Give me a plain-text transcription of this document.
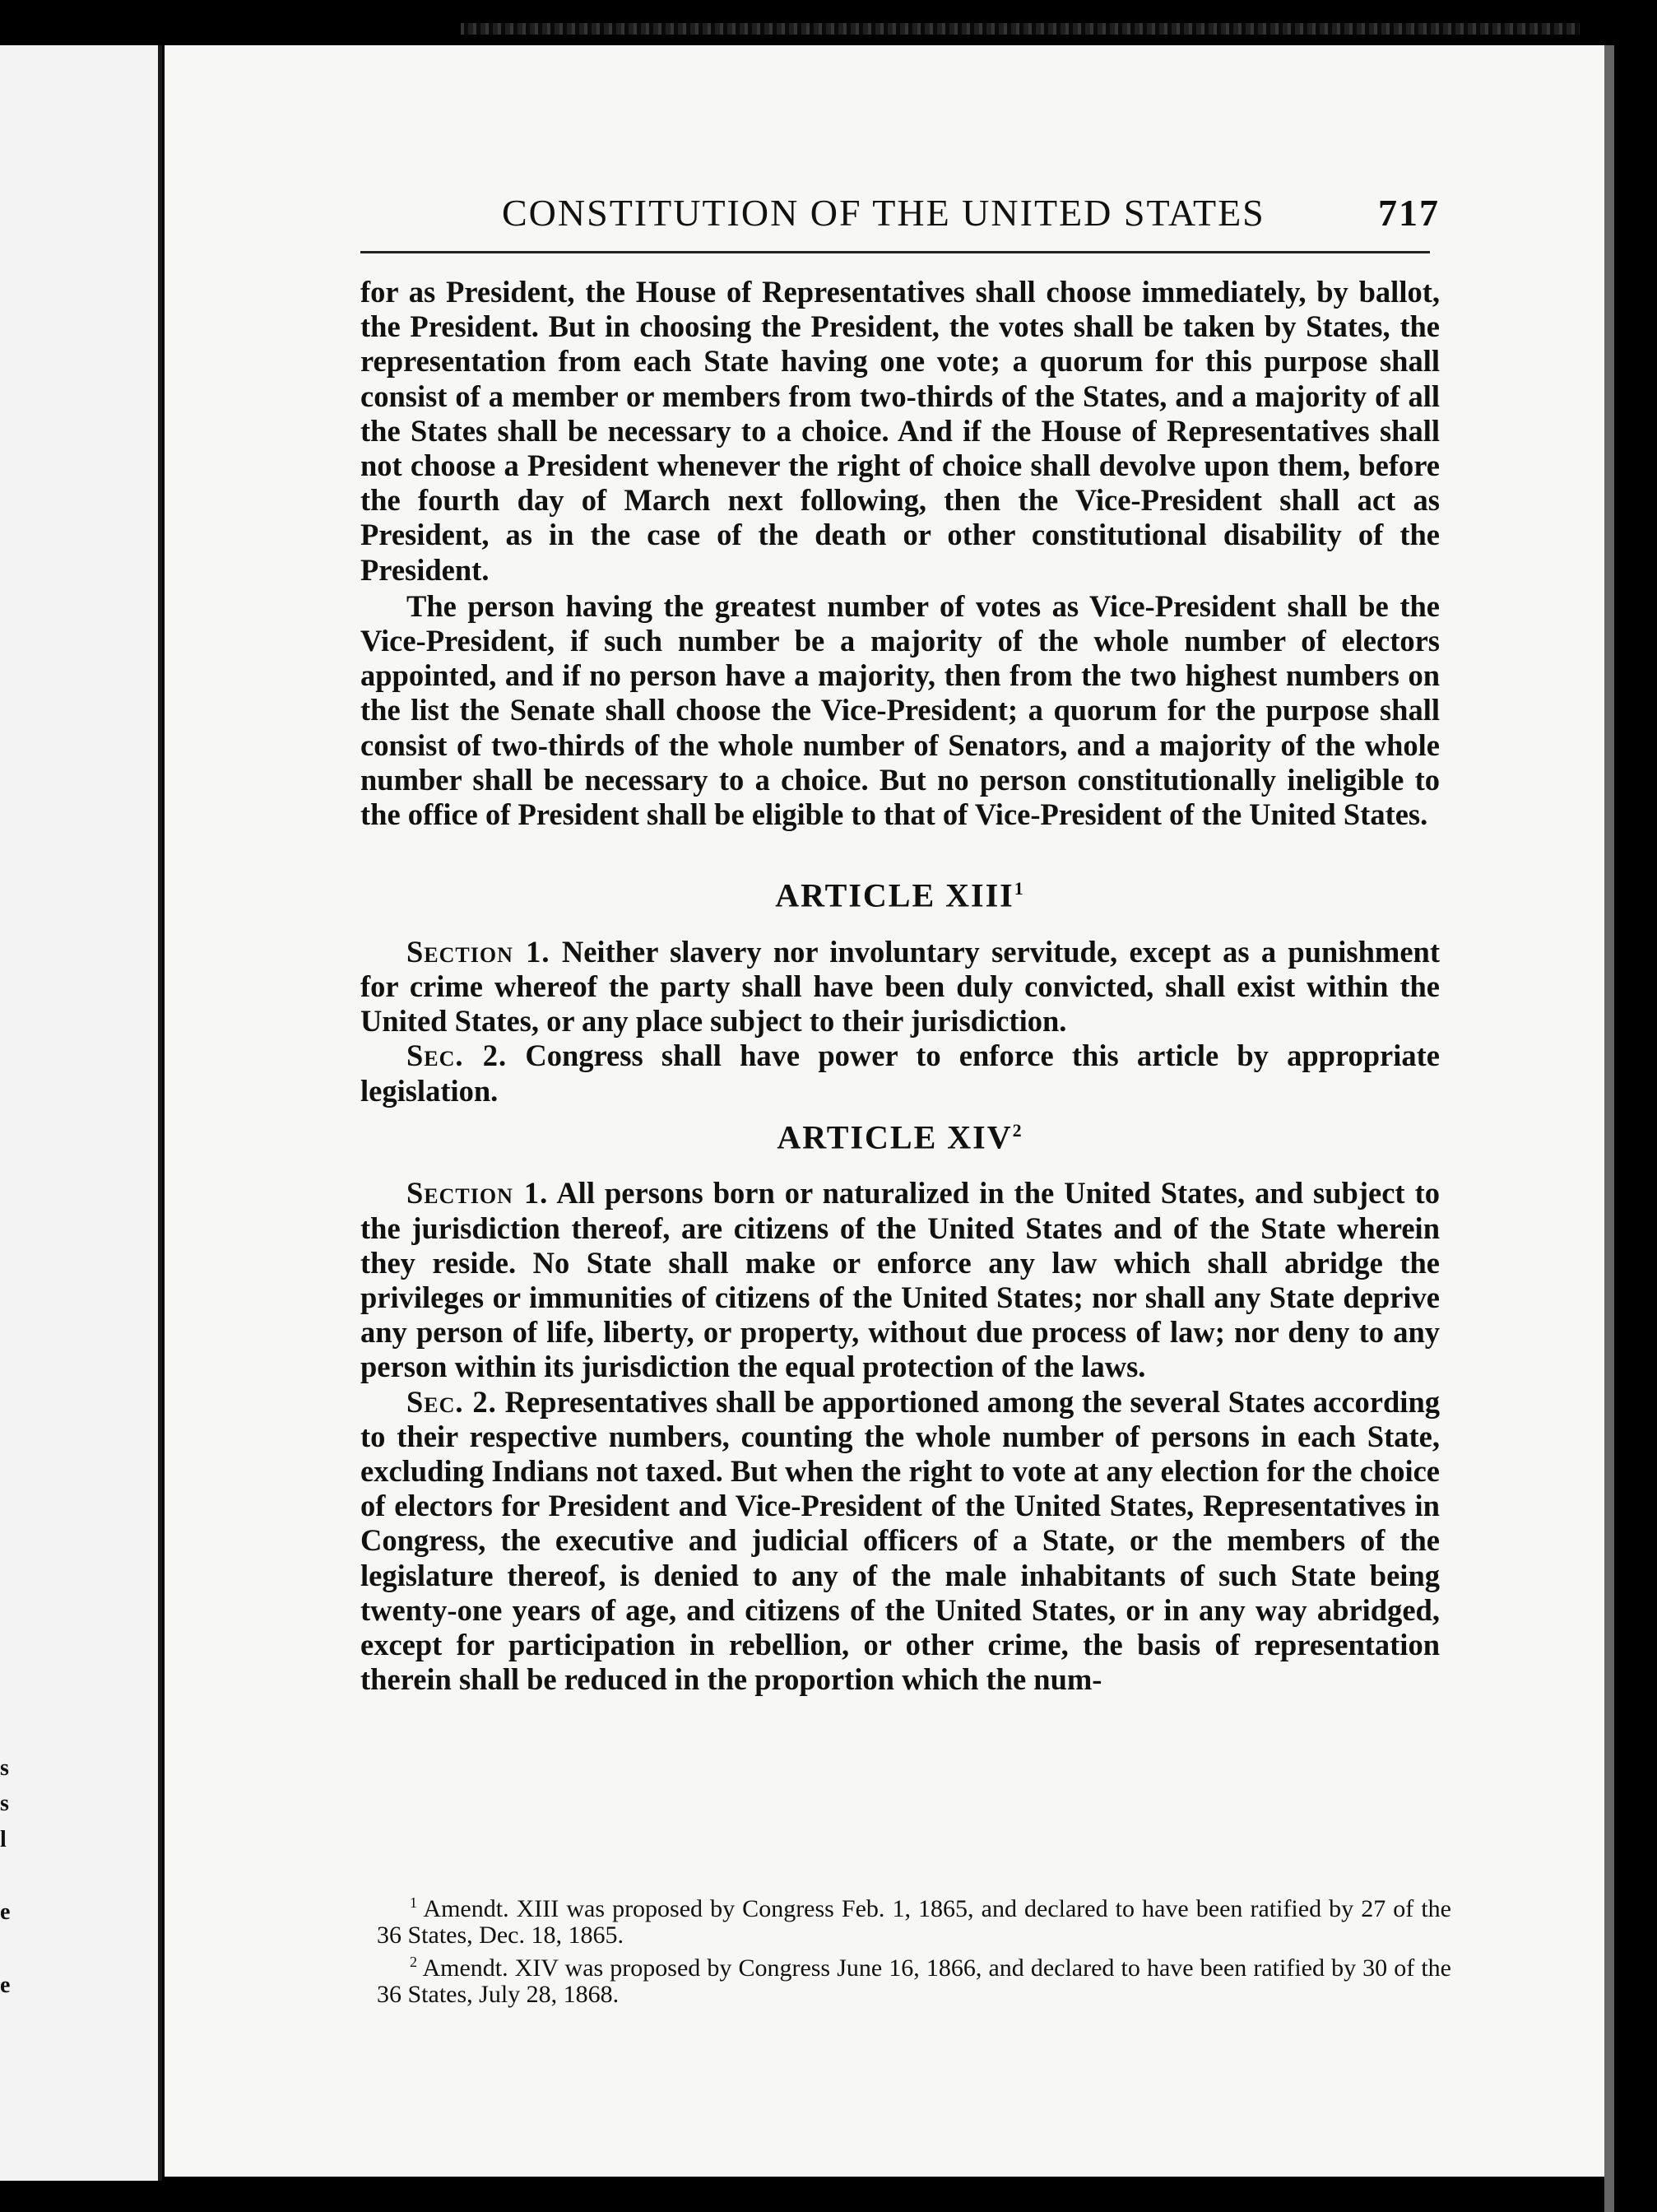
s
s
l
e
e
CONSTITUTION OF THE UNITED STATES	717

for as President, the House of Representatives shall choose immediately, by ballot, the President. But in choosing the President, the votes shall be taken by States, the representation from each State having one vote; a quorum for this purpose shall consist of a member or members from two-thirds of the States, and a majority of all the States shall be necessary to a choice. And if the House of Representatives shall not choose a President whenever the right of choice shall devolve upon them, before the fourth day of March next following, then the Vice-President shall act as President, as in the case of the death or other constitutional disability of the President.

The person having the greatest number of votes as Vice-President shall be the Vice-President, if such number be a majority of the whole number of electors appointed, and if no person have a majority, then from the two highest numbers on the list the Senate shall choose the Vice-President; a quorum for the purpose shall consist of two-thirds of the whole number of Senators, and a majority of the whole number shall be necessary to a choice. But no person constitutionally ineligible to the office of President shall be eligible to that of Vice-President of the United States.

ARTICLE XIII$^1$

Section 1. Neither slavery nor involuntary servitude, except as a punishment for crime whereof the party shall have been duly convicted, shall exist within the United States, or any place subject to their jurisdiction.

Sec. 2. Congress shall have power to enforce this article by appropriate legislation.

ARTICLE XIV$^2$

Section 1. All persons born or naturalized in the United States, and subject to the jurisdiction thereof, are citizens of the United States and of the State wherein they reside. No State shall make or enforce any law which shall abridge the privileges or immunities of citizens of the United States; nor shall any State deprive any person of life, liberty, or property, without due process of law; nor deny to any person within its jurisdiction the equal protection of the laws.

Sec. 2. Representatives shall be apportioned among the several States according to their respective numbers, counting the whole number of persons in each State, excluding Indians not taxed. But when the right to vote at any election for the choice of electors for President and Vice-President of the United States, Representatives in Congress, the executive and judicial officers of a State, or the members of the legislature thereof, is denied to any of the male inhabitants of such State being twenty-one years of age, and citizens of the United States, or in any way abridged, except for participation in rebellion, or other crime, the basis of representation therein shall be reduced in the proportion which the num-

$^1$ Amendt. XIII was proposed by Congress Feb. 1, 1865, and declared to have been ratified by 27 of the 36 States, Dec. 18, 1865.

$^2$ Amendt. XIV was proposed by Congress June 16, 1866, and declared to have been ratified by 30 of the 36 States, July 28, 1868.
